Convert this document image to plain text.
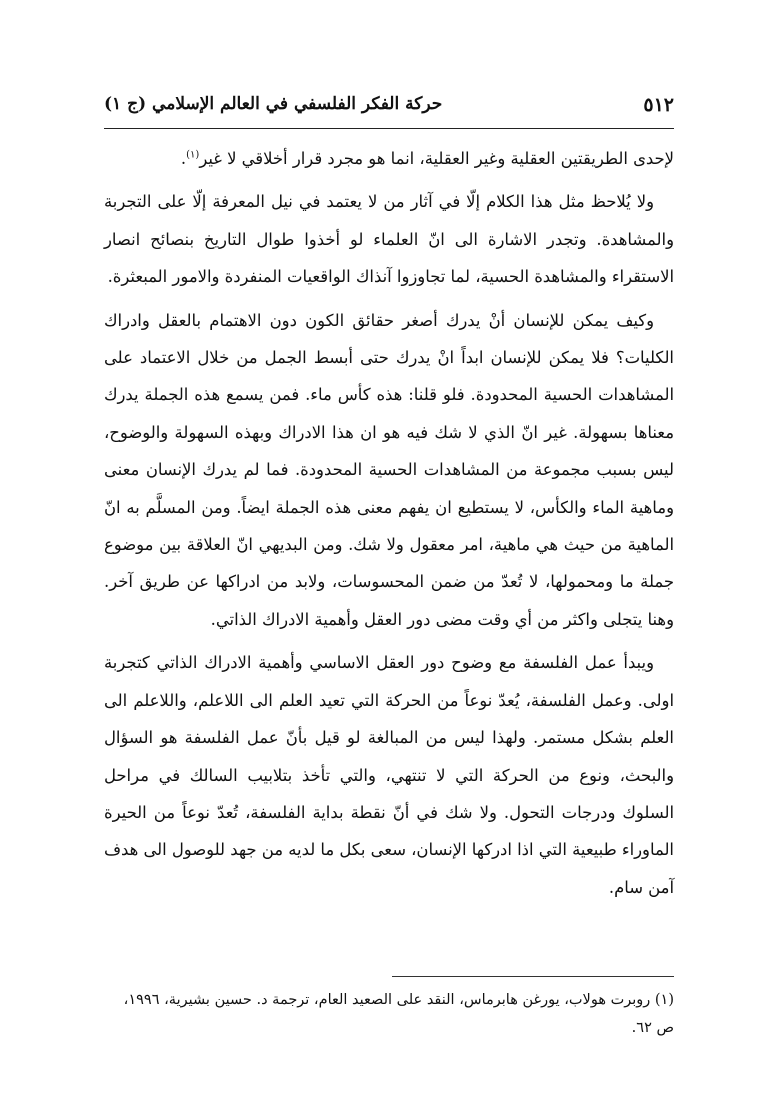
٥١٢
حركة الفكر الفلسفي في العالم الإسلامي (ج ١)

لإحدى الطريقتين العقلية وغير العقلية، انما هو مجرد قرار أخلاقي لا غير$^{(١)}$.

ولا يُلاحظ مثل هذا الكلام إلّا في آثار من لا يعتمد في نيل المعرفة إلّا على التجربة والمشاهدة. وتجدر الاشارة الى انّ العلماء لو أخذوا طوال التاريخ بنصائح انصار الاستقراء والمشاهدة الحسية، لما تجاوزوا آنذاك الواقعيات المنفردة والامور المبعثرة.

وكيف يمكن للإنسان أنْ يدرك أصغر حقائق الكون دون الاهتمام بالعقل وادراك الكليات؟ فلا يمكن للإنسان ابداً انْ يدرك حتى أبسط الجمل من خلال الاعتماد على المشاهدات الحسية المحدودة. فلو قلنا: هذه كأس ماء. فمن يسمع هذه الجملة يدرك معناها بسهولة. غير انّ الذي لا شك فيه هو ان هذا الادراك وبهذه السهولة والوضوح، ليس بسبب مجموعة من المشاهدات الحسية المحدودة. فما لم يدرك الإنسان معنى وماهية الماء والكأس، لا يستطيع ان يفهم معنى هذه الجملة ايضاً. ومن المسلَّم به انّ الماهية من حيث هي ماهية، امر معقول ولا شك. ومن البديهي انّ العلاقة بين موضوع جملة ما ومحمولها، لا تُعدّ من ضمن المحسوسات، ولابد من ادراكها عن طريق آخر. وهنا يتجلى واكثر من أي وقت مضى دور العقل وأهمية الادراك الذاتي.

ويبدأ عمل الفلسفة مع وضوح دور العقل الاساسي وأهمية الادراك الذاتي كتجربة اولى. وعمل الفلسفة، يُعدّ نوعاً من الحركة التي تعيد العلم الى اللاعلم، واللاعلم الى العلم بشكل مستمر. ولهذا ليس من المبالغة لو قيل بأنّ عمل الفلسفة هو السؤال والبحث، ونوع من الحركة التي لا تنتهي، والتي تأخذ بتلابيب السالك في مراحل السلوك ودرجات التحول. ولا شك في أنّ نقطة بداية الفلسفة، تُعدّ نوعاً من الحيرة الماوراء طبيعية التي اذا ادركها الإنسان، سعى بكل ما لديه من جهد للوصول الى هدف آمن سام.

(١) روبرت هولاب، يورغن هابرماس، النقد على الصعيد العام، ترجمة د. حسين بشيرية، ١٩٩٦،
ص ٦٢.
